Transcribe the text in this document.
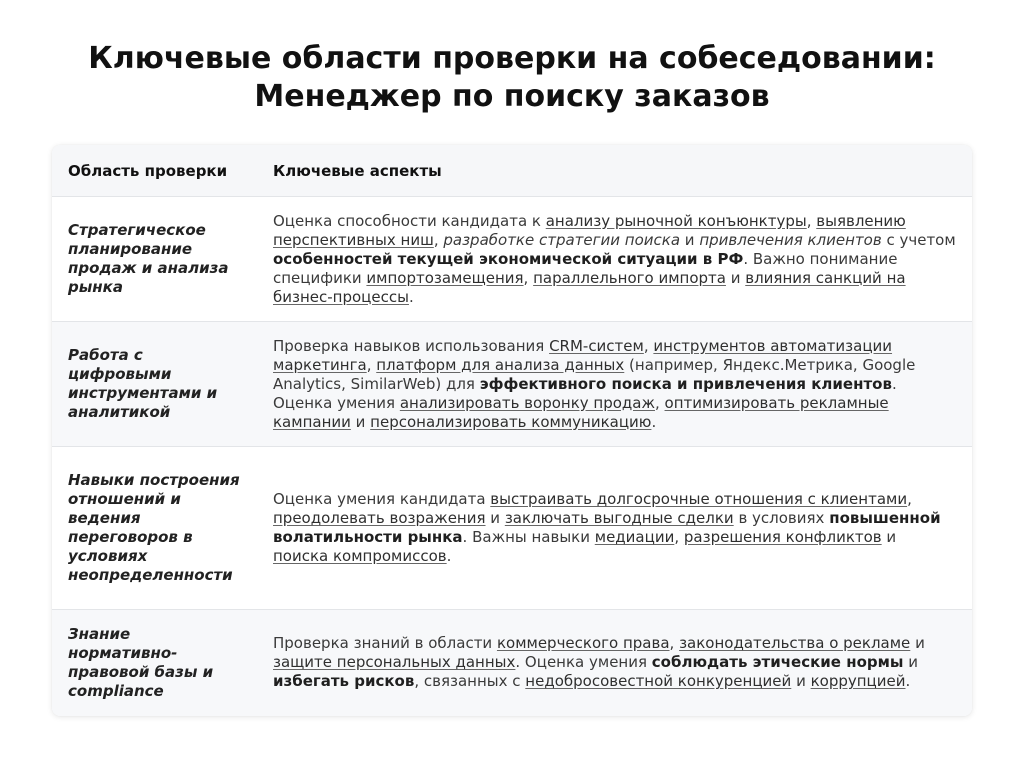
Ключевые области проверки на собеседовании:
Менеджер по поиску заказов
Область проверки	Ключевые аспекты
Стратегическое планирование продаж и анализа рынка	Оценка способности кандидата к анализу рыночной конъюнктуры, выявлению перспективных ниш, разработке стратегии поиска и привлечения клиентов с учетом особенностей текущей экономической ситуации в РФ. Важно понимание специфики импортозамещения, параллельного импорта и влияния санкций на бизнес-процессы.
Работа с цифровыми инструментами и аналитикой	Проверка навыков использования CRM-систем, инструментов автоматизации маркетинга, платформ для анализа данных (например, Яндекс.Метрика, Google Analytics, SimilarWeb) для эффективного поиска и привлечения клиентов. Оценка умения анализировать воронку продаж, оптимизировать рекламные кампании и персонализировать коммуникацию.
Навыки построения отношений и ведения переговоров в условиях неопределенности	Оценка умения кандидата выстраивать долгосрочные отношения с клиентами, преодолевать возражения и заключать выгодные сделки в условиях повышенной волатильности рынка. Важны навыки медиации, разрешения конфликтов и поиска компромиссов.
Знание нормативно-правовой базы и compliance	Проверка знаний в области коммерческого права, законодательства о рекламе и защите персональных данных. Оценка умения соблюдать этические нормы и избегать рисков, связанных с недобросовестной конкуренцией и коррупцией.
